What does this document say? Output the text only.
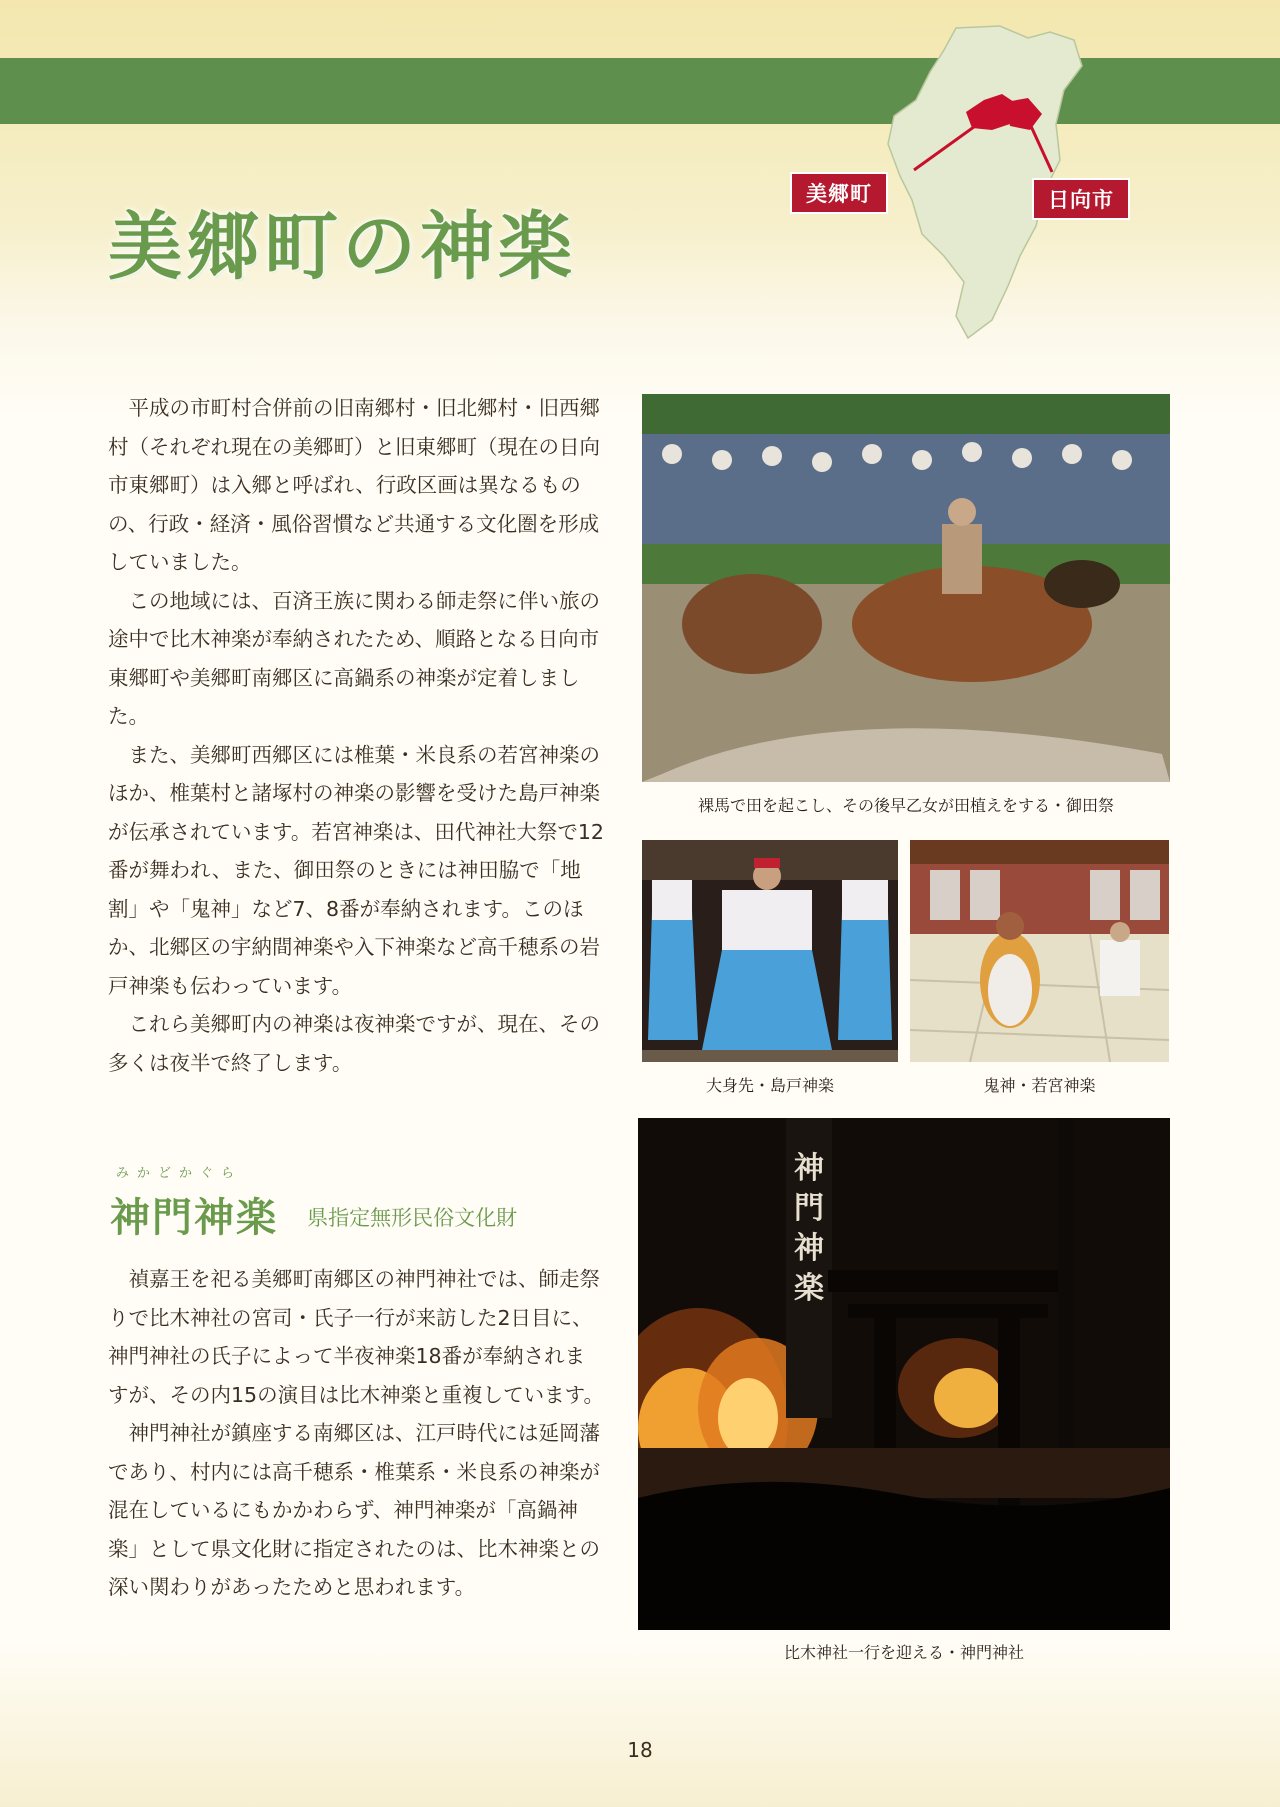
美郷町	日向市
美郷町の神楽

平成の市町村合併前の旧南郷村・旧北郷村・旧西郷村（それぞれ現在の美郷町）と旧東郷町（現在の日向市東郷町）は入郷と呼ばれ、行政区画は異なるものの、行政・経済・風俗習慣など共通する文化圏を形成していました。

この地域には、百済王族に関わる師走祭に伴い旅の途中で比木神楽が奉納されたため、順路となる日向市東郷町や美郷町南郷区に高鍋系の神楽が定着しました。

また、美郷町西郷区には椎葉・米良系の若宮神楽のほか、椎葉村と諸塚村の神楽の影響を受けた島戸神楽が伝承されています。若宮神楽は、田代神社大祭で12番が舞われ、また、御田祭のときには神田脇で「地割」や「鬼神」など7、8番が奉納されます。このほか、北郷区の宇納間神楽や入下神楽など高千穂系の岩戸神楽も伝わっています。

これら美郷町内の神楽は夜神楽ですが、現在、その多くは夜半で終了します。

みかどかぐら
神門神楽 県指定無形民俗文化財

禎嘉王を祀る美郷町南郷区の神門神社では、師走祭りで比木神社の宮司・氏子一行が来訪した2日目に、神門神社の氏子によって半夜神楽18番が奉納されますが、その内15の演目は比木神楽と重複しています。

神門神社が鎮座する南郷区は、江戸時代には延岡藩であり、村内には高千穂系・椎葉系・米良系の神楽が混在しているにもかかわらず、神門神楽が「高鍋神楽」として県文化財に指定されたのは、比木神楽との深い関わりがあったためと思われます。

裸馬で田を起こし、その後早乙女が田植えをする・御田祭
大身先・島戸神楽	鬼神・若宮神楽
神
門
神
楽
比木神社一行を迎える・神門神社
18
